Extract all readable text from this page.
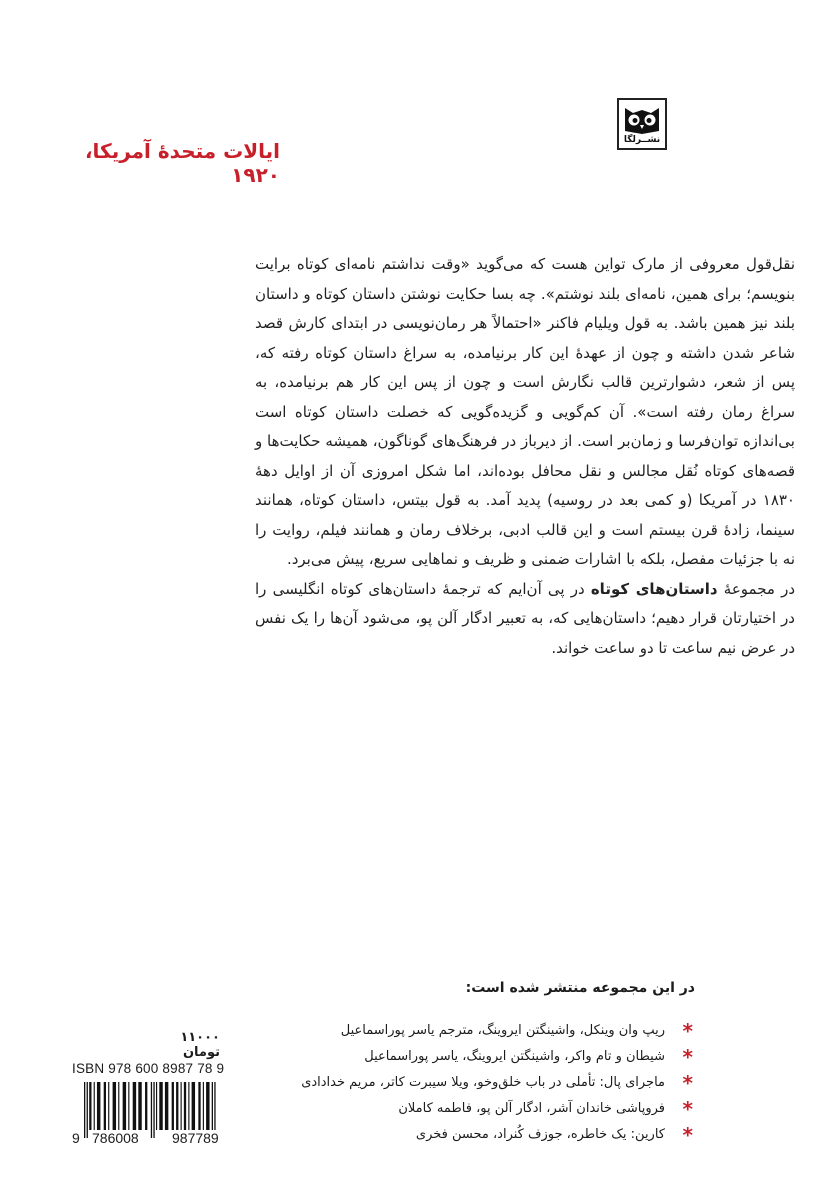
نشــرلگا
ایالات متحدهٔ آمریکا، ۱۹۲۰

نقل‌قول معروفی از مارک تواین هست که می‌گوید «وقت نداشتم نامه‌ای کوتاه برایت بنویسم؛ برای همین، نامه‌ای بلند نوشتم». چه بسا حکایت نوشتن داستان کوتاه و داستان بلند نیز همین باشد. به قول ویلیام فاکنر «احتمالاً هر رمان‌نویسی در ابتدای کارش قصد شاعر شدن داشته و چون از عهدهٔ این کار برنیامده، به سراغ داستان کوتاه رفته که، پس از شعر، دشوارترین قالب نگارش است و چون از پس این کار هم برنیامده، به سراغ رمان رفته است». آن کم‌گویی و گزیده‌گویی که خصلت داستان کوتاه است بی‌اندازه توان‌فرسا و زمان‌بر است. از دیرباز در فرهنگ‌های گوناگون، همیشه حکایت‌ها و قصه‌های کوتاه نُقل مجالس و نقل محافل بوده‌اند، اما شکل امروزی آن از اوایل دهۀ ۱۸۳۰ در آمریکا (و کمی بعد در روسیه) پدید آمد. به قول بیتس، داستان کوتاه، همانند سینما، زادهٔ قرن بیستم است و این قالب ادبی، برخلاف رمان و همانند فیلم، روایت را نه با جزئیات مفصل، بلکه با اشارات ضمنی و ظریف و نماهایی سریع، پیش می‌برد.

در مجموعهٔ داستان‌های کوتاه در پی آن‌ایم که ترجمهٔ داستان‌های کوتاه انگلیسی را در اختیارتان قرار دهیم؛ داستان‌هایی که، به تعبیر ادگار آلن پو، می‌شود آن‌ها را یک نفس در عرض نیم ساعت تا دو ساعت خواند.

در این مجموعه منتشر شده است:
*
ریپ وان وینکل، واشینگتن ایروینگ، مترجم یاسر پوراسماعیل
*
شیطان و تام واکر، واشینگتن ایروینگ، یاسر پوراسماعیل
*
ماجرای پال: تأملی در باب خلق‌وخو، ویلا سیبرت کاتر، مریم خدادادی
*
فروپاشی خاندان آشر، ادگار آلن پو، فاطمه کاملان
*
کارین: یک خاطره، جوزف کُنراد، محسن فخری
۱۱۰۰۰ تومان
ISBN 978 600 8987 78 9
9 786008 987789
